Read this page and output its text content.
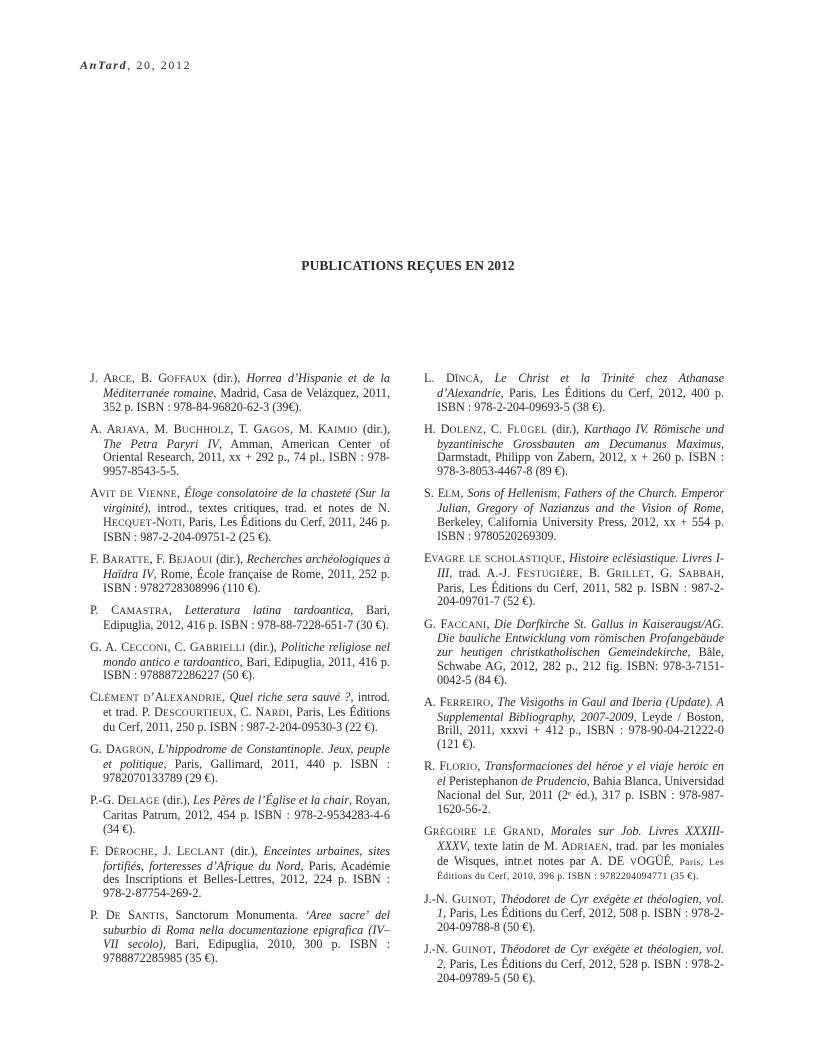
AnTard, 20, 2012
PUBLICATIONS REÇUES EN 2012

J. ARCE, B. GOFFAUX (dir.), Horrea d’Hispanie et de la Méditerranée romaine, Madrid, Casa de Velázquez, 2011, 352 p. ISBN : 978-84-96820-62-3 (39€).

A. ARJAVA, M. BUCHHOLZ, T. GAGOS, M. KAIMIO (dir.), The Petra Paryri IV, Amman, American Center of Oriental Research, 2011, xx + 292 p., 74 pl., ISBN : 978-9957-8543-5-5.

AVIT DE VIENNE, Éloge consolatoire de la chasteté (Sur la virginité), introd., textes critiques, trad. et notes de N. HECQUET-NOTI, Paris, Les Éditions du Cerf, 2011, 246 p. ISBN : 987-2-204-09751-2 (25 €).

F. BARATTE, F. BEJAOUI (dir.), Recherches archéologiques à Haïdra IV, Rome, École française de Rome, 2011, 252 p. ISBN : 9782728308996 (110 €).

P. CAMASTRA, Letteratura latina tardoantica, Bari, Edipuglia, 2012, 416 p. ISBN : 978-88-7228-651-7 (30 €).

G. A. CECCONI, C. GABRIELLI (dir.), Politiche religiose nel mondo antico e tardoantico, Bari, Edipuglia, 2011, 416 p. ISBN : 9788872286227 (50 €).

CLÉMENT D’ALEXANDRIE, Quel riche sera sauvé ?, introd. et trad. P. DESCOURTIEUX, C. NARDI, Paris, Les Éditions du Cerf, 2011, 250 p. ISBN : 987-2-204-09530-3 (22 €).

G. DAGRON, L’hippodrome de Constantinople. Jeux, peuple et politique, Paris, Gallimard, 2011, 440 p. ISBN : 9782070133789 (29 €).

P.-G. DELAGE (dir.), Les Pères de l’Église et la chair, Royan, Caritas Patrum, 2012, 454 p. ISBN : 978-2-9534283-4-6 (34 €).

F. DÉROCHE, J. LECLANT (dir.), Enceintes urbaines, sites fortifiés, forteresses d’Afrique du Nord, Paris, Académie des Inscriptions et Belles-Lettres, 2012, 224 p. ISBN : 978-2-87754-269-2.

P. DE SANTIS, Sanctorum Monumenta. ‘Aree sacre’ del suburbio di Roma nella documentazione epigrafica (IV–VII secolo), Bari, Edipuglia, 2010, 300 p. ISBN : 9788872285985 (35 €).

L. DÎNCĂ, Le Christ et la Trinité chez Athanase d’Alexandrie, Paris, Les Éditions du Cerf, 2012, 400 p. ISBN : 978-2-204-09693-5 (38 €).

H. DOLENZ, C. FLÜGEL (dir.), Karthago IV. Römische und byzantinische Grossbauten am Decumanus Maximus, Darmstadt, Philipp von Zabern, 2012, x + 260 p. ISBN : 978-3-8053-4467-8 (89 €).

S. ELM, Sons of Hellenism, Fathers of the Church. Emperor Julian, Gregory of Nazianzus and the Vision of Rome, Berkeley, California University Press, 2012, xx + 554 p. ISBN : 9780520269309.

EVAGRE LE SCHOLASTIQUE, Histoire eclésiastique. Livres I-III, trad. A.-J. FESTUGIÈRE, B. GRILLET, G. SABBAH, Paris, Les Éditions du Cerf, 2011, 582 p. ISBN : 987-2-204-09701-7 (52 €).

G. FACCANI, Die Dorfkirche St. Gallus in Kaiseraugst/AG. Die bauliche Entwicklung vom römischen Profangebäude zur heutigen christkatholischen Gemeindekirche, Bâle, Schwabe AG, 2012, 282 p., 212 fig. ISBN: 978-3-7151-0042-5 (84 €).

A. FERREIRO, The Visigoths in Gaul and Iberia (Update). A Supplemental Bibliography, 2007-2009, Leyde / Boston, Brill, 2011, xxxvi + 412 p., ISBN : 978-90-04-21222-0 (121 €).

R. FLORIO, Transformaciones del héroe y el viaje heroic en el Peristephanon de Prudencio, Bahia Blanca, Universidad Nacional del Sur, 2011 (2ᵉ éd.), 317 p. ISBN : 978-987-1620-56-2.

GRÉGOIRE LE GRAND, Morales sur Job. Livres XXXIII-XXXV, texte latin de M. ADRIAEN, trad. par les moniales de Wisques, intr.et notes par A. DE VOGÜÉ, Paris, Les Éditions du Cerf, 2010, 396 p. ISBN : 9782204094771 (35 €).

J.-N. GUINOT, Théodoret de Cyr exégète et théologien, vol. 1, Paris, Les Éditions du Cerf, 2012, 508 p. ISBN : 978-2-204-09788-8 (50 €).

J.-N. GUINOT, Théodoret de Cyr exégète et théologien, vol. 2, Paris, Les Éditions du Cerf, 2012, 528 p. ISBN : 978-2-204-09789-5 (50 €).
